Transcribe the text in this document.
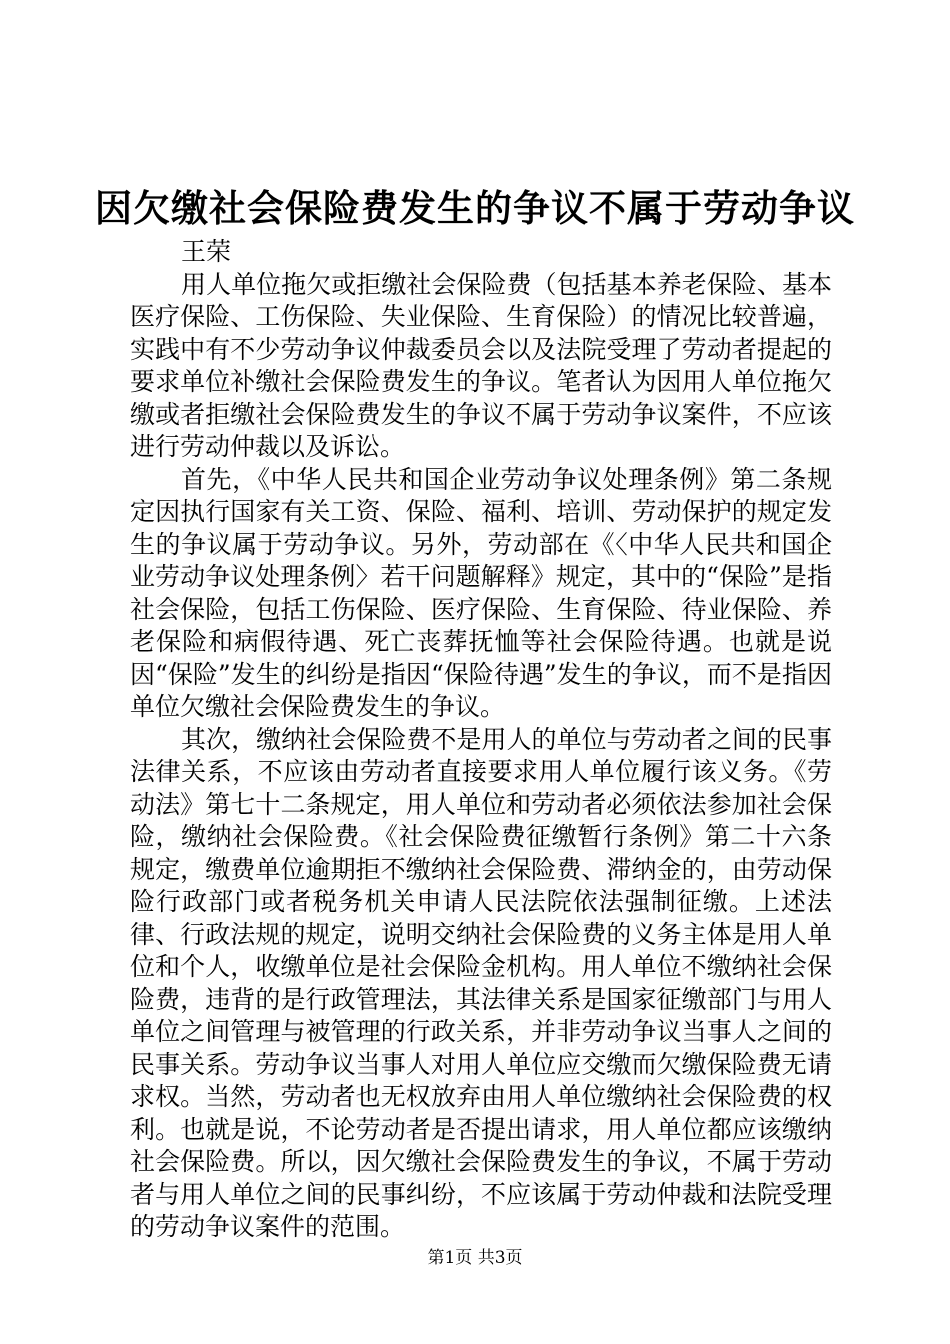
因欠缴社会保险费发生的争议不属于劳动争议

王荣

用人单位拖欠或拒缴社会保险费（包括基本养老保险、基本医疗保险、工伤保险、失业保险、生育保险）的情况比较普遍，实践中有不少劳动争议仲裁委员会以及法院受理了劳动者提起的要求单位补缴社会保险费发生的争议。笔者认为因用人单位拖欠缴或者拒缴社会保险费发生的争议不属于劳动争议案件，不应该进行劳动仲裁以及诉讼。

首先，《中华人民共和国企业劳动争议处理条例》第二条规定因执行国家有关工资、保险、福利、培训、劳动保护的规定发生的争议属于劳动争议。另外，劳动部在《〈中华人民共和国企业劳动争议处理条例〉若干问题解释》规定，其中的“保险”是指社会保险，包括工伤保险、医疗保险、生育保险、待业保险、养老保险和病假待遇、死亡丧葬抚恤等社会保险待遇。也就是说因“保险”发生的纠纷是指因“保险待遇”发生的争议，而不是指因单位欠缴社会保险费发生的争议。

其次，缴纳社会保险费不是用人的单位与劳动者之间的民事法律关系，不应该由劳动者直接要求用人单位履行该义务。《劳动法》第七十二条规定，用人单位和劳动者必须依法参加社会保险，缴纳社会保险费。《社会保险费征缴暂行条例》第二十六条规定，缴费单位逾期拒不缴纳社会保险费、滞纳金的，由劳动保险行政部门或者税务机关申请人民法院依法强制征缴。上述法律、行政法规的规定，说明交纳社会保险费的义务主体是用人单位和个人，收缴单位是社会保险金机构。用人单位不缴纳社会保险费，违背的是行政管理法，其法律关系是国家征缴部门与用人单位之间管理与被管理的行政关系，并非劳动争议当事人之间的民事关系。劳动争议当事人对用人单位应交缴而欠缴保险费无请求权。当然，劳动者也无权放弃由用人单位缴纳社会保险费的权利。也就是说，不论劳动者是否提出请求，用人单位都应该缴纳社会保险费。所以，因欠缴社会保险费发生的争议，不属于劳动者与用人单位之间的民事纠纷，不应该属于劳动仲裁和法院受理的劳动争议案件的范围。

第1页 共3页
